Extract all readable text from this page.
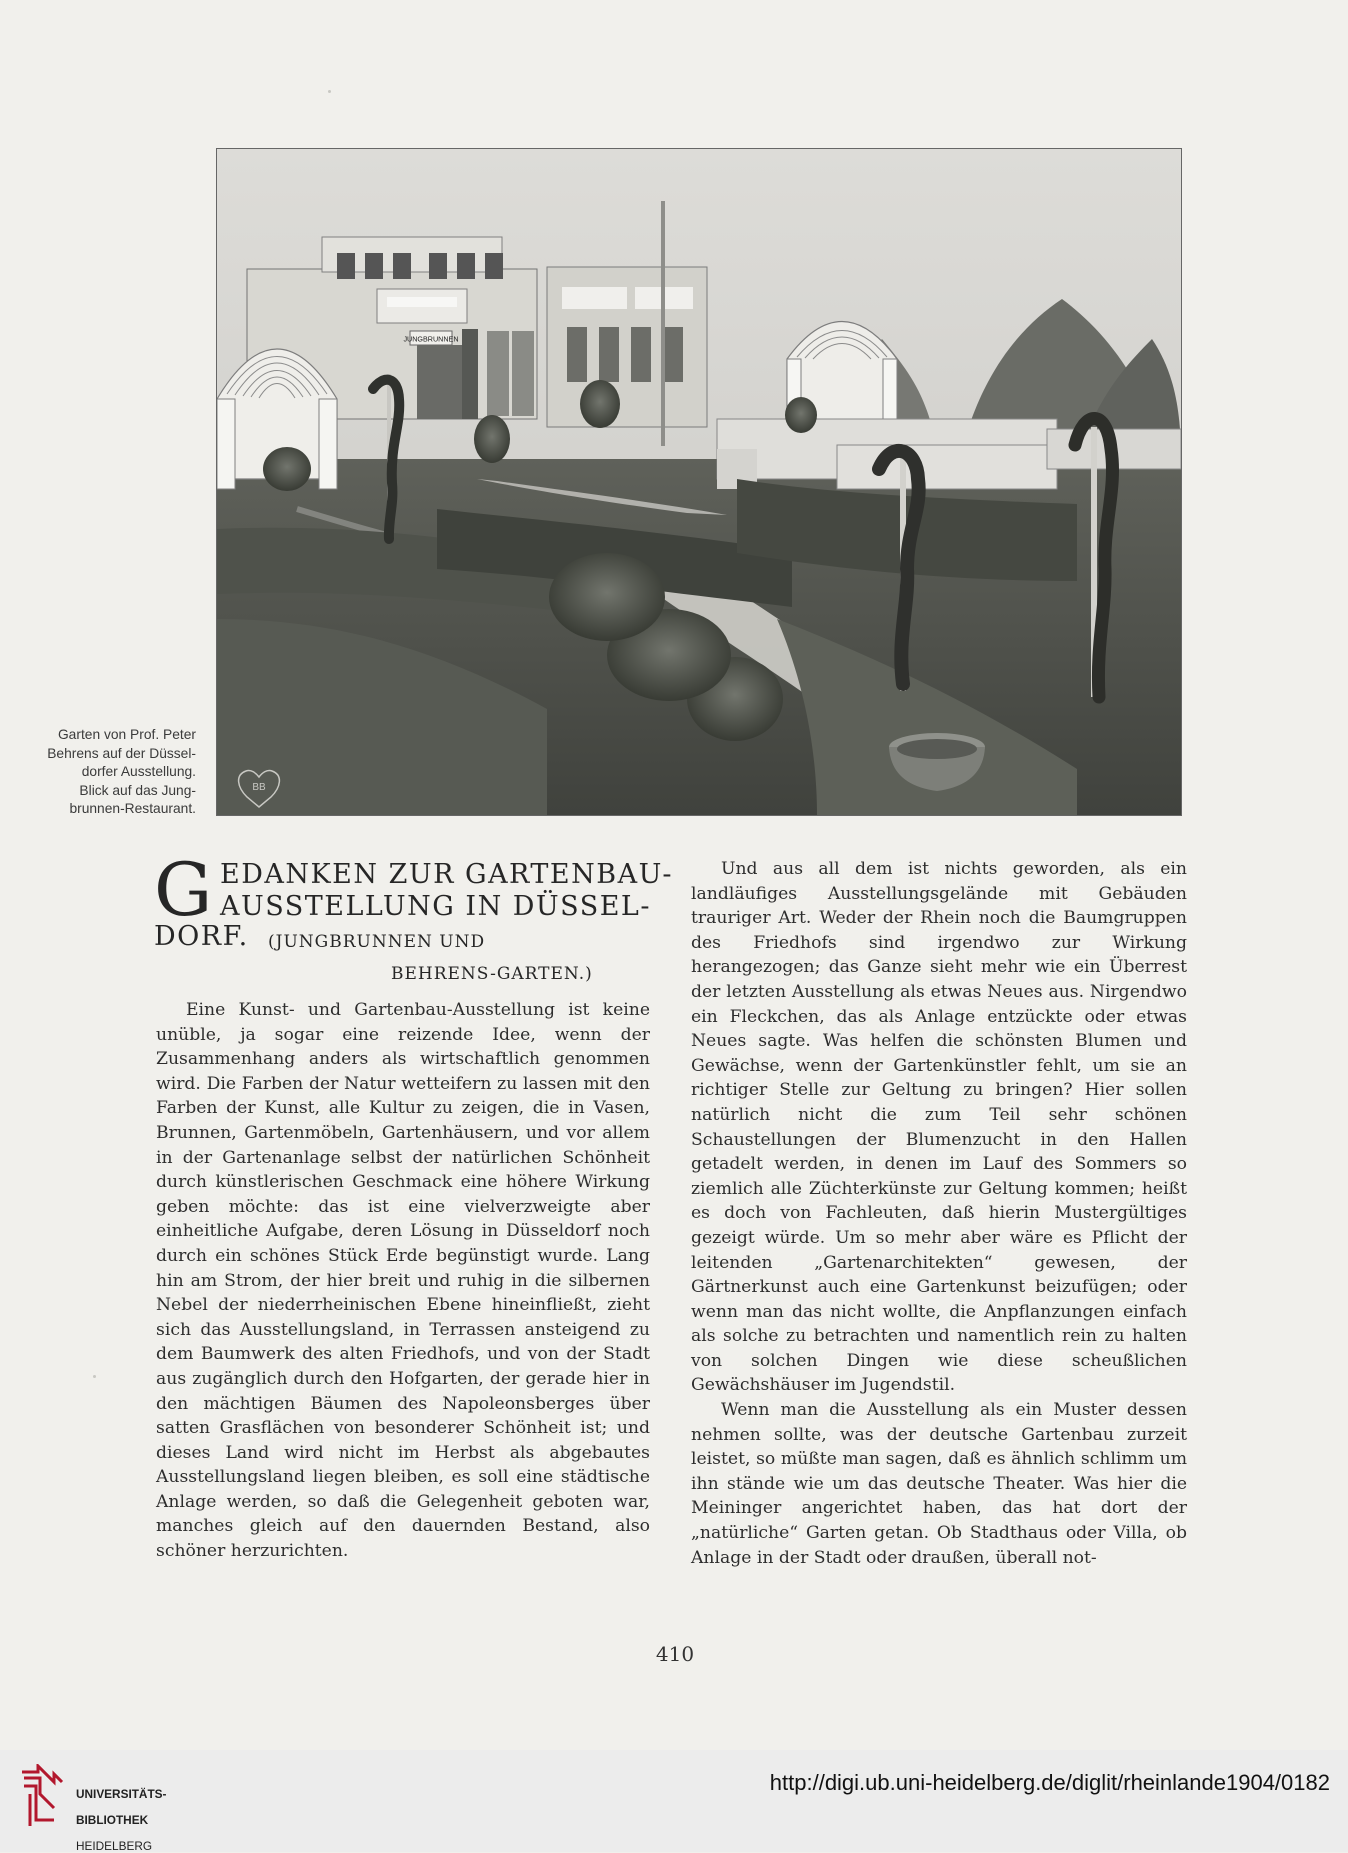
JUNGBRUNNEN
BB
Garten von Prof. Peter
Behrens auf der Düssel-
dorfer Ausstellung.
Blick auf das Jung-
brunnen-Restaurant.
G EDANKEN ZUR GARTENBAU-
AUSSTELLUNG IN DÜSSEL-
DORF. (JUNGBRUNNEN UND
BEHRENS-GARTEN.)

Eine Kunst- und Gartenbau-Ausstellung ist keine unüble, ja sogar eine reizende Idee, wenn der Zusammenhang anders als wirtschaftlich genommen wird. Die Farben der Natur wetteifern zu lassen mit den Farben der Kunst, alle Kultur zu zeigen, die in Vasen, Brunnen, Gartenmöbeln, Gartenhäusern, und vor allem in der Gartenanlage selbst der natürlichen Schönheit durch künstlerischen Geschmack eine höhere Wirkung geben möchte: das ist eine vielverzweigte aber einheitliche Aufgabe, deren Lösung in Düsseldorf noch durch ein schönes Stück Erde begünstigt wurde. Lang hin am Strom, der hier breit und ruhig in die silbernen Nebel der niederrheinischen Ebene hineinfließt, zieht sich das Ausstellungsland, in Terrassen ansteigend zu dem Baumwerk des alten Friedhofs, und von der Stadt aus zugänglich durch den Hofgarten, der gerade hier in den mächtigen Bäumen des Napoleonsberges über satten Grasflächen von besonderer Schönheit ist; und dieses Land wird nicht im Herbst als abgebautes Ausstellungsland liegen bleiben, es soll eine städtische Anlage werden, so daß die Gelegenheit geboten war, manches gleich auf den dauernden Bestand, also schöner herzurichten.

Und aus all dem ist nichts geworden, als ein landläufiges Ausstellungsgelände mit Gebäuden trauriger Art. Weder der Rhein noch die Baumgruppen des Friedhofs sind irgendwo zur Wirkung herangezogen; das Ganze sieht mehr wie ein Überrest der letzten Ausstellung als etwas Neues aus. Nirgendwo ein Fleckchen, das als Anlage entzückte oder etwas Neues sagte. Was helfen die schönsten Blumen und Gewächse, wenn der Gartenkünstler fehlt, um sie an richtiger Stelle zur Geltung zu bringen? Hier sollen natürlich nicht die zum Teil sehr schönen Schaustellungen der Blumenzucht in den Hallen getadelt werden, in denen im Lauf des Sommers so ziemlich alle Züchterkünste zur Geltung kommen; heißt es doch von Fachleuten, daß hierin Mustergültiges gezeigt würde. Um so mehr aber wäre es Pflicht der leitenden „Gartenarchitekten“ gewesen, der Gärtnerkunst auch eine Gartenkunst beizufügen; oder wenn man das nicht wollte, die Anpflanzungen einfach als solche zu betrachten und namentlich rein zu halten von solchen Dingen wie diese scheußlichen Gewächshäuser im Jugendstil.

Wenn man die Ausstellung als ein Muster dessen nehmen sollte, was der deutsche Gartenbau zurzeit leistet, so müßte man sagen, daß es ähnlich schlimm um ihn stände wie um das deutsche Theater. Was hier die Meininger angerichtet haben, das hat dort der „natürliche“ Garten getan. Ob Stadthaus oder Villa, ob Anlage in der Stadt oder draußen, überall not-

410

UNIVERSITÄTS-

BIBLIOTHEK

HEIDELBERG

http://digi.ub.uni-heidelberg.de/diglit/rheinlande1904/0182
